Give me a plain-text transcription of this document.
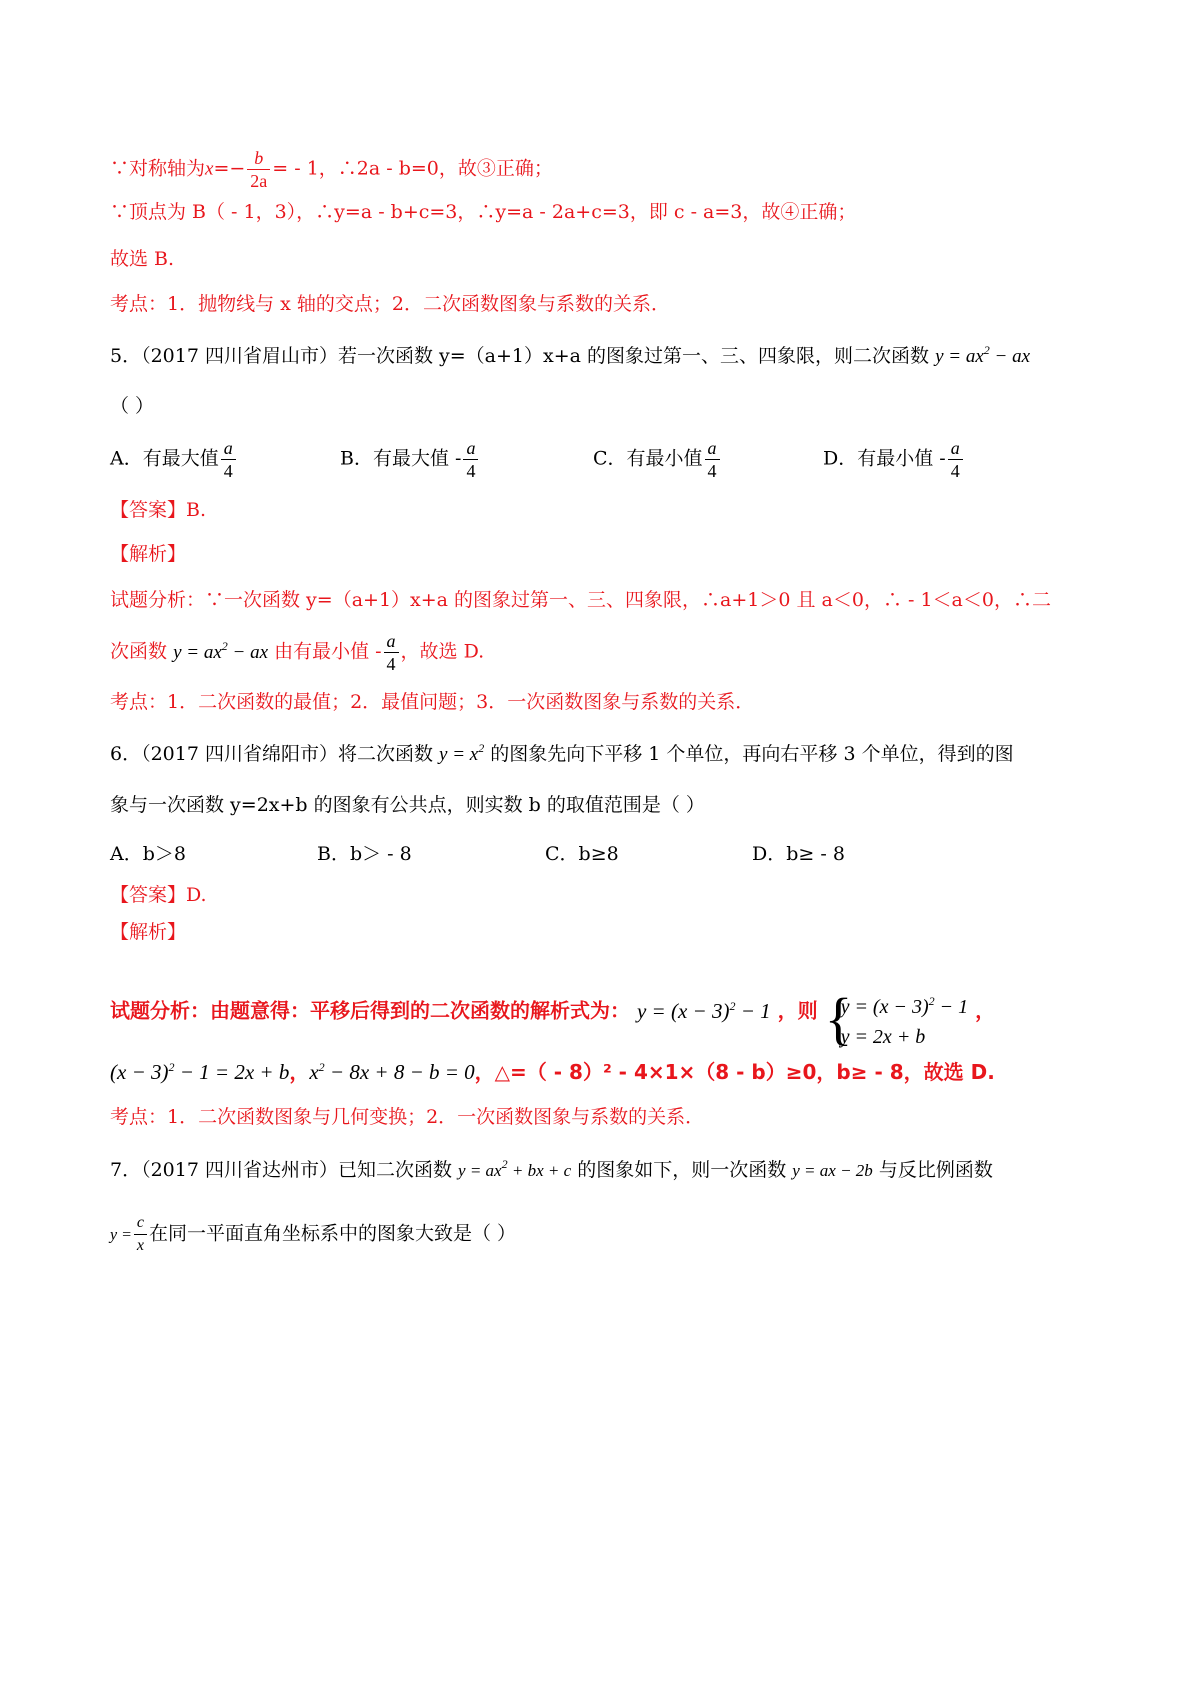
∵对称轴为$x=- \frac{b}{2a}$ = - 1，∴2a - b=0，故③正确；
∵顶点为 B（ - 1，3），∴y=a - b+c=3，∴y=a - 2a+c=3，即 c - a=3，故④正确；
故选 B.
考点：1．抛物线与 x 轴的交点；2．二次函数图象与系数的关系．
5．（2017 四川省眉山市）若一次函数 y=（a+1）x+a 的图象过第一、三、四象限，则二次函数 $y = ax^2$ − ax
（ ）
A．有最大值 $\frac{a}{4}$	B．有最大值 - $\frac{a}{4}$	C．有最小值 $\frac{a}{4}$	D．有最小值 - $\frac{a}{4}$
【答案】B.
【解析】
试题分析：∵一次函数 y=（a+1）x+a 的图象过第一、三、四象限，∴a+1＞0 且 a＜0，∴ - 1＜a＜0，∴二
次函数 $y = ax^2$ − ax 由有最小值 - $\frac{a}{4}$ ，故选 D.
考点：1．二次函数的最值；2．最值问题；3．一次函数图象与系数的关系．
6．（2017 四川省绵阳市）将二次函数 $y = x^2$ 的图象先向下平移 1 个单位，再向右平移 3 个单位，得到的图
象与一次函数 y=2x+b 的图象有公共点，则实数 b 的取值范围是（ ）
A．b＞8	B．b＞ - 8	C．b≥8	D．b≥ - 8
【答案】D.
【解析】
试题分析：由题意得：平移后得到的二次函数的解析式为： $y = (x - 3)^2 - 1$ ，则 {
$y = (x - 3)^2 - 1$
y = 2x + b
，
$(x - 3)^2 - 1 = 2x + b$，$x^2 - 8x + 8 - b = 0$，△=（ - 8）² - 4×1×（8 - b）≥0，b≥ - 8，故选 D.
考点：1．二次函数图象与几何变换；2．一次函数图象与系数的关系．
7．（2017 四川省达州市）已知二次函数 $y = ax^2$ + bx + c 的图象如下，则一次函数 y = ax − 2b 与反比例函数
$y = \frac{c}{x}$ 在同一平面直角坐标系中的图象大致是（ ）
